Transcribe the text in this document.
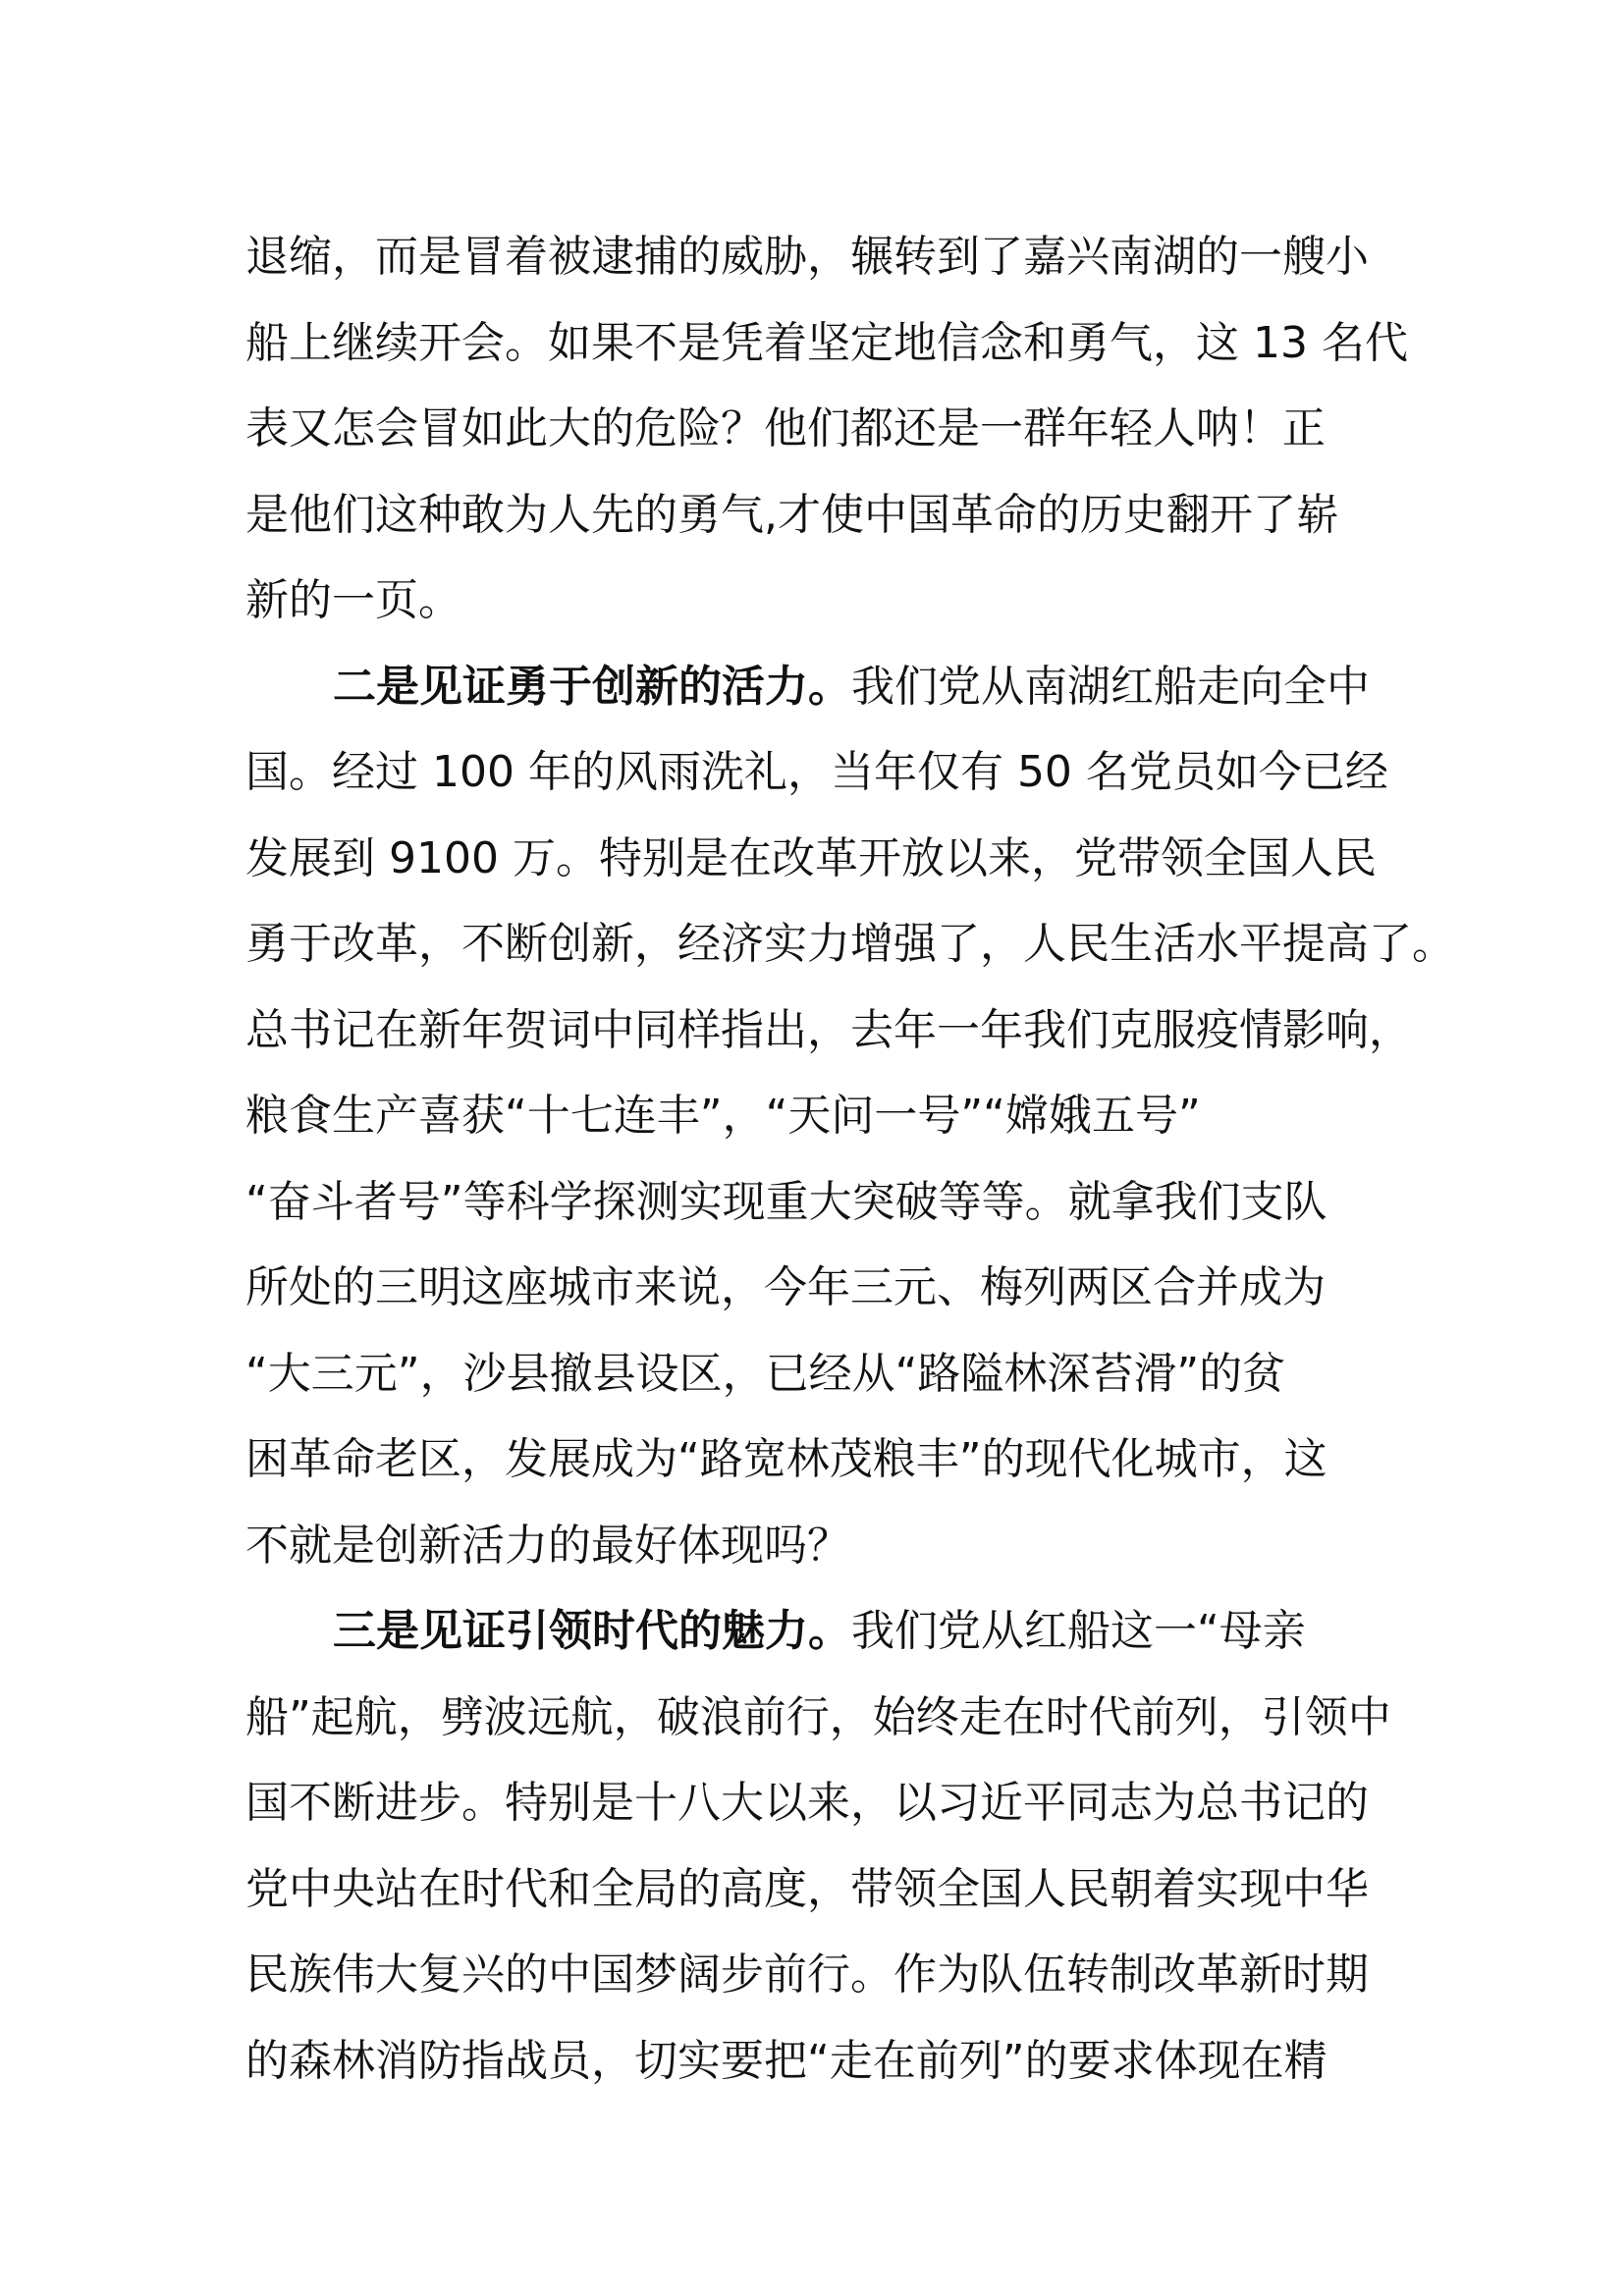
退缩，而是冒着被逮捕的威胁，辗转到了嘉兴南湖的一艘小
船上继续开会。如果不是凭着坚定地信念和勇气，这 13 名代
表又怎会冒如此大的危险？他们都还是一群年轻人呐！正
是他们这种敢为人先的勇气,才使中国革命的历史翻开了崭
新的一页。
二是见证勇于创新的活力。我们党从南湖红船走向全中
国。经过 100 年的风雨洗礼，当年仅有 50 名党员如今已经
发展到 9100 万。特别是在改革开放以来，党带领全国人民
勇于改革，不断创新，经济实力增强了，人民生活水平提高了。
总书记在新年贺词中同样指出，去年一年我们克服疫情影响，
粮食生产喜获“十七连丰”，“天问一号”“嫦娥五号”
“奋斗者号”等科学探测实现重大突破等等。就拿我们支队
所处的三明这座城市来说，今年三元、梅列两区合并成为
“大三元”，沙县撤县设区，已经从“路隘林深苔滑”的贫
困革命老区，发展成为“路宽林茂粮丰”的现代化城市，这
不就是创新活力的最好体现吗？
三是见证引领时代的魅力。我们党从红船这一“母亲
船”起航，劈波远航，破浪前行，始终走在时代前列，引领中
国不断进步。特别是十八大以来，以习近平同志为总书记的
党中央站在时代和全局的高度，带领全国人民朝着实现中华
民族伟大复兴的中国梦阔步前行。作为队伍转制改革新时期
的森林消防指战员，切实要把“走在前列”的要求体现在精
